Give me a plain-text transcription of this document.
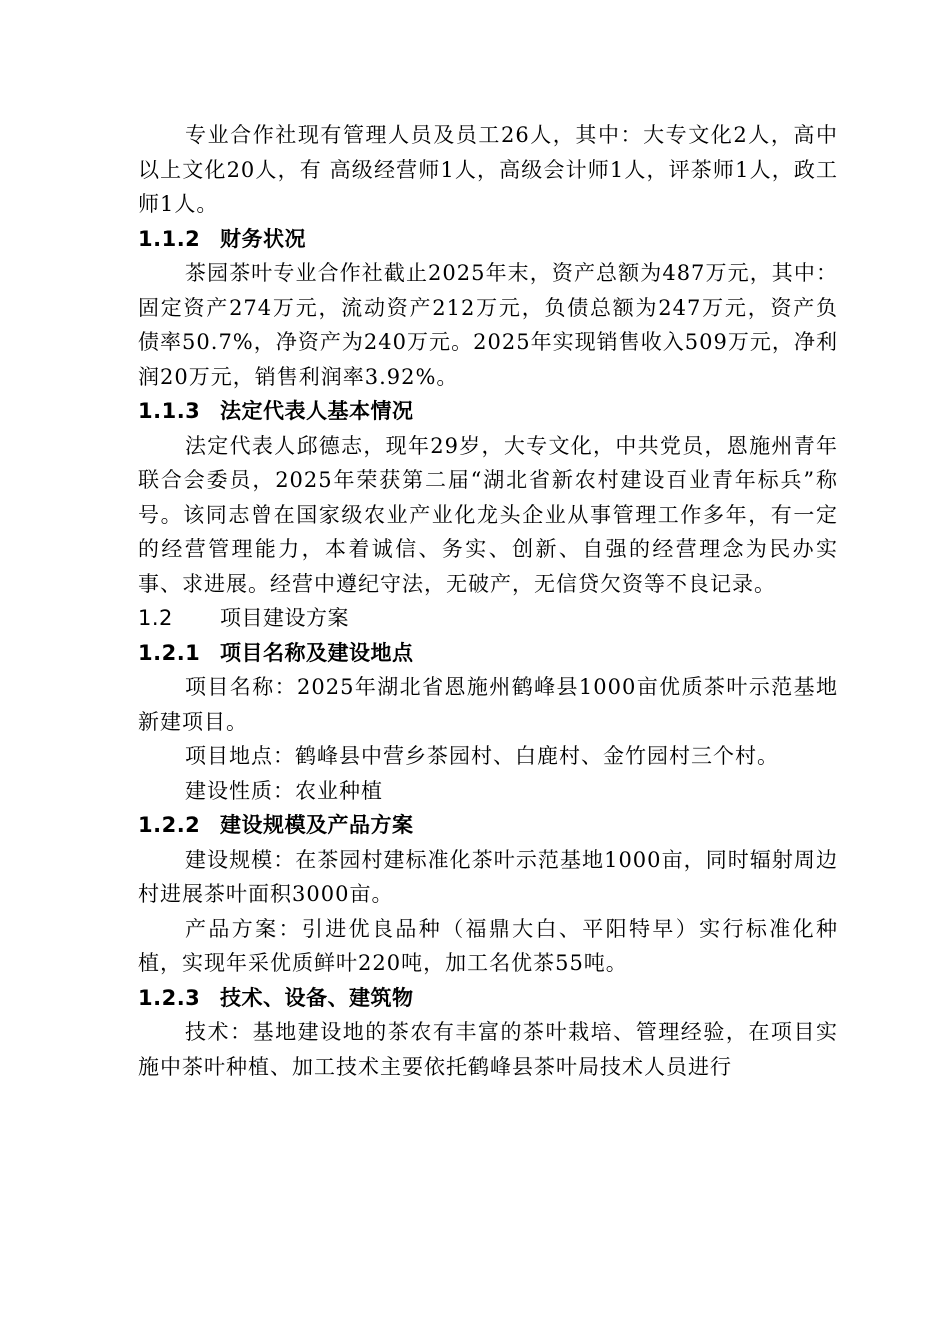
专业合作社现有管理人员及员工26人，其中：大专文化2人，高中以上文化20人，有 高级经营师1人，高级会计师1人，评茶师1人，政工师1人。

1.1.2 财务状况

茶园茶叶专业合作社截止2025年末，资产总额为487万元，其中：固定资产274万元，流动资产212万元，负债总额为247万元，资产负债率50.7%，净资产为240万元。2025年实现销售收入509万元，净利润20万元，销售利润率3.92%。

1.1.3 法定代表人基本情况

法定代表人邱德志，现年29岁，大专文化，中共党员，恩施州青年联合会委员，2025年荣获第二届“湖北省新农村建设百业青年标兵”称号。该同志曾在国家级农业产业化龙头企业从事管理工作多年，有一定的经营管理能力，本着诚信、务实、创新、自强的经营理念为民办实事、求进展。经营中遵纪守法，无破产，无信贷欠资等不良记录。

1.2 项目建设方案
1.2.1 项目名称及建设地点

项目名称：2025年湖北省恩施州鹤峰县1000亩优质茶叶示范基地新建项目。

项目地点：鹤峰县中营乡茶园村、白鹿村、金竹园村三个村。

建设性质：农业种植

1.2.2 建设规模及产品方案

建设规模：在茶园村建标准化茶叶示范基地1000亩，同时辐射周边村进展茶叶面积3000亩。

产品方案：引进优良品种（福鼎大白、平阳特早）实行标准化种植，实现年采优质鲜叶220吨，加工名优茶55吨。

1.2.3 技术、设备、建筑物

技术：基地建设地的茶农有丰富的茶叶栽培、管理经验，在项目实施中茶叶种植、加工技术主要依托鹤峰县茶叶局技术人员进行
